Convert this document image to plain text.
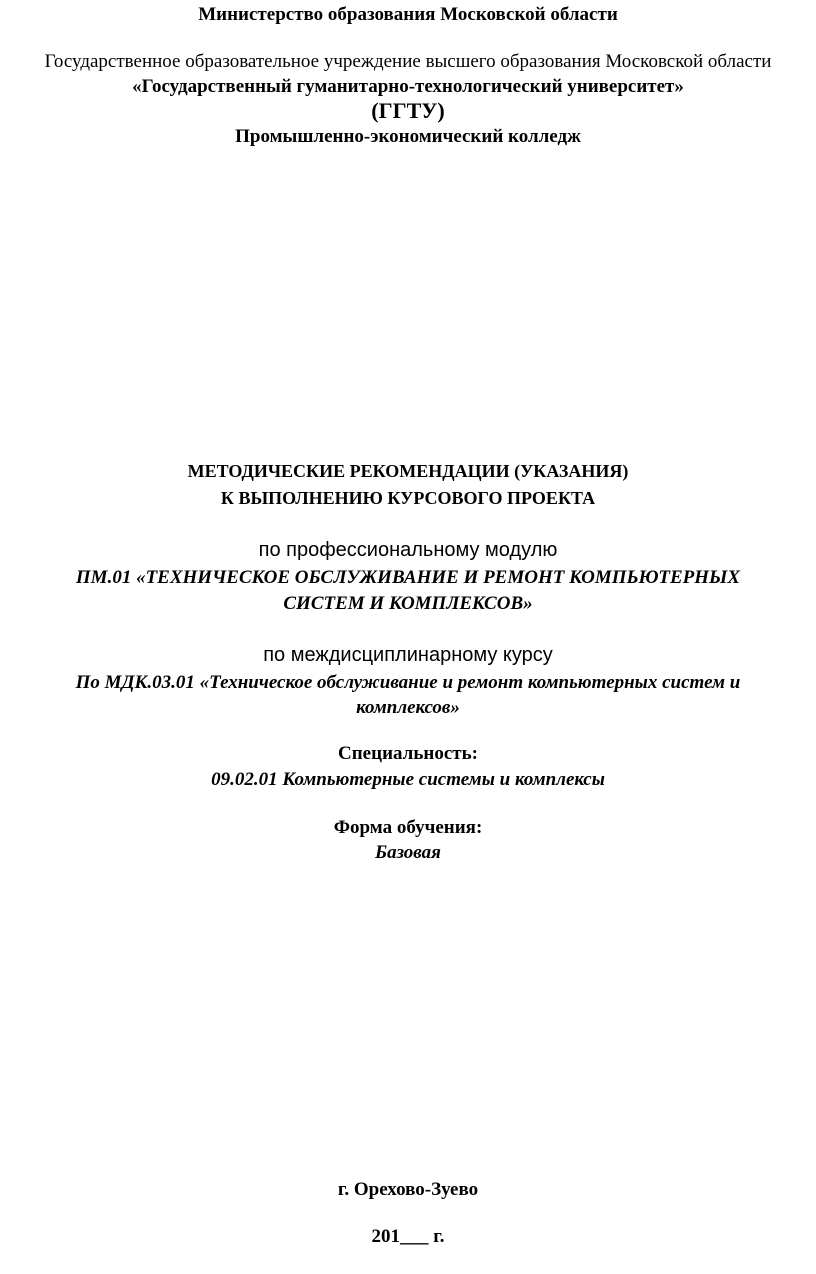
Министерство образования Московской области
Государственное образовательное учреждение высшего образования Московской области
«Государственный гуманитарно-технологический университет»
(ГГТУ)
Промышленно-экономический колледж
МЕТОДИЧЕСКИЕ РЕКОМЕНДАЦИИ (УКАЗАНИЯ)
К ВЫПОЛНЕНИЮ КУРСОВОГО ПРОЕКТА
по профессиональному модулю
ПМ.01 «ТЕХНИЧЕСКОЕ ОБСЛУЖИВАНИЕ И РЕМОНТ КОМПЬЮТЕРНЫХ
СИСТЕМ И КОМПЛЕКСОВ»
по междисциплинарному курсу
По МДК.03.01 «Техническое обслуживание и ремонт компьютерных систем и
комплексов»
Специальность:
09.02.01 Компьютерные системы и комплексы
Форма обучения:
Базовая
г. Орехово-Зуево
201___ г.
